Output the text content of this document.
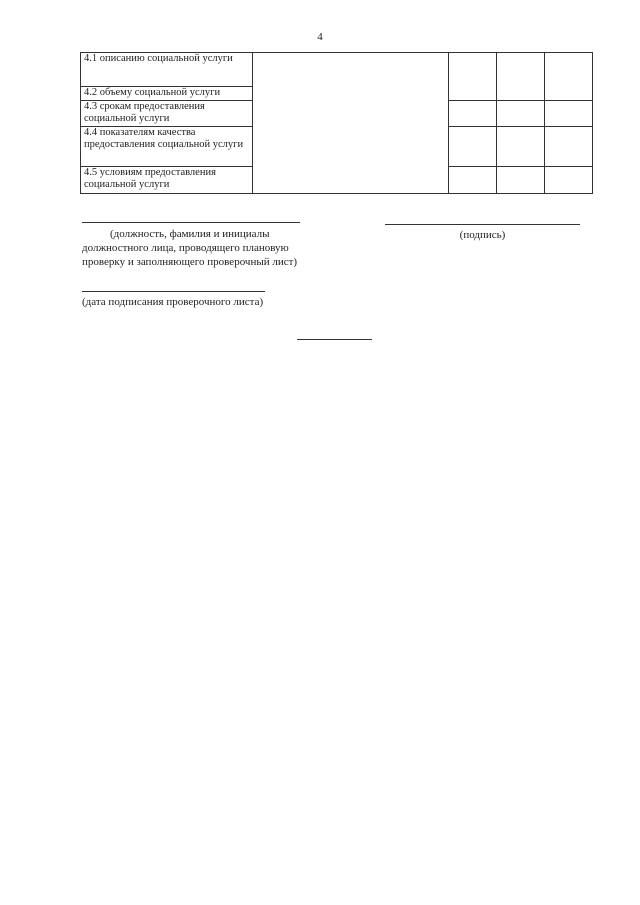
4
4.1 описанию социальной услуги				
4.2 объему социальной услуги				
4.3 срокам предоставления социальной услуги				
4.4 показателям качества предоставления социальной услуги				
4.5 условиям предоставления социальной услуги				
(должность, фамилия и инициалы должностного лица, проводящего плановую проверку и заполняющего проверочный лист)
(подпись)
(дата подписания проверочного листа)
